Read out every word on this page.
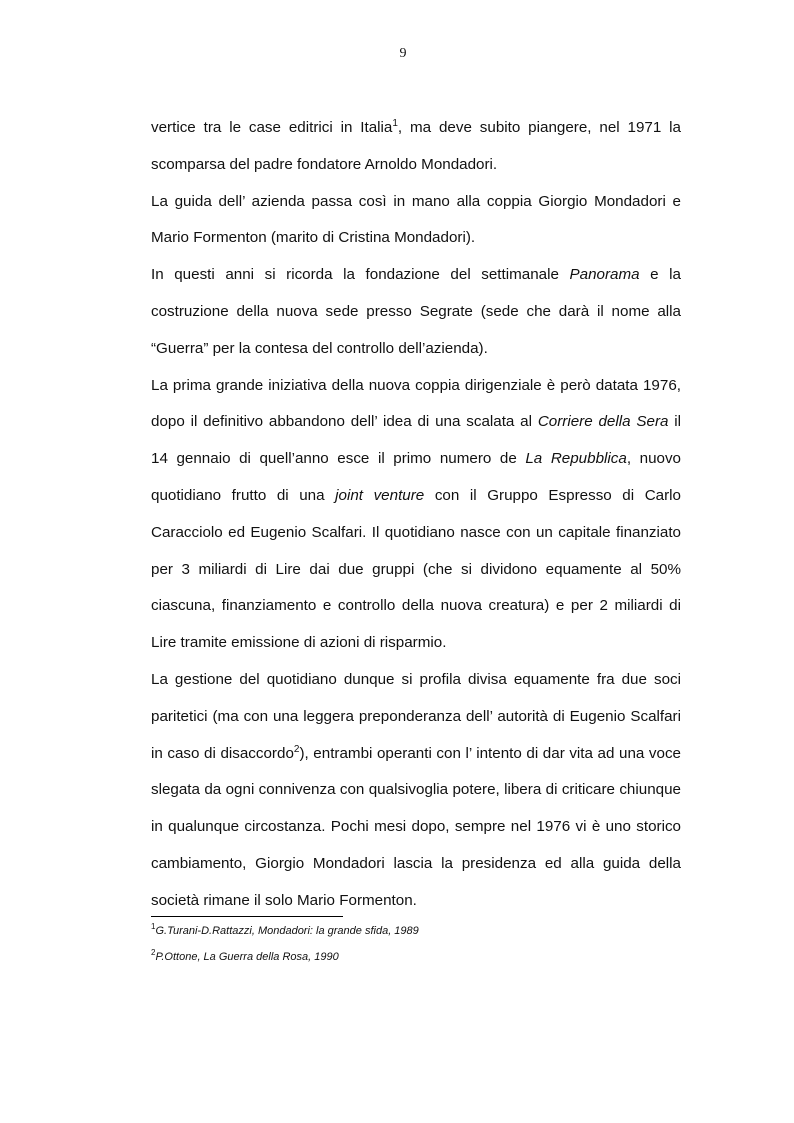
9

vertice tra le case editrici in Italia$^1$, ma deve subito piangere, nel 1971 la scomparsa del padre fondatore Arnoldo Mondadori.

La guida dell’ azienda passa così in mano alla coppia Giorgio Mondadori e Mario Formenton (marito di Cristina Mondadori).

In questi anni si ricorda la fondazione del settimanale Panorama e la costruzione della nuova sede presso Segrate (sede che darà il nome alla “Guerra” per la contesa del controllo dell’azienda).

La prima grande iniziativa della nuova coppia dirigenziale è però datata 1976, dopo il definitivo abbandono dell’ idea di una scalata al Corriere della Sera il 14 gennaio di quell’anno esce il primo numero de La Repubblica, nuovo quotidiano frutto di una joint venture con il Gruppo Espresso di Carlo Caracciolo ed Eugenio Scalfari. Il quotidiano nasce con un capitale finanziato per 3 miliardi di Lire dai due gruppi (che si dividono equamente al 50% ciascuna, finanziamento e controllo della nuova creatura) e per 2 miliardi di Lire tramite emissione di azioni di risparmio.

La gestione del quotidiano dunque si profila divisa equamente fra due soci paritetici (ma con una leggera preponderanza dell’ autorità di Eugenio Scalfari in caso di disaccordo$^2$), entrambi operanti con l’ intento di dar vita ad una voce slegata da ogni connivenza con qualsivoglia potere, libera di criticare chiunque in qualunque circostanza. Pochi mesi dopo, sempre nel 1976 vi è uno storico cambiamento, Giorgio Mondadori lascia la presidenza ed alla guida della società rimane il solo Mario Formenton.

$^1$G.Turani-D.Rattazzi, Mondadori: la grande sfida, 1989
$^2$P.Ottone, La Guerra della Rosa, 1990
